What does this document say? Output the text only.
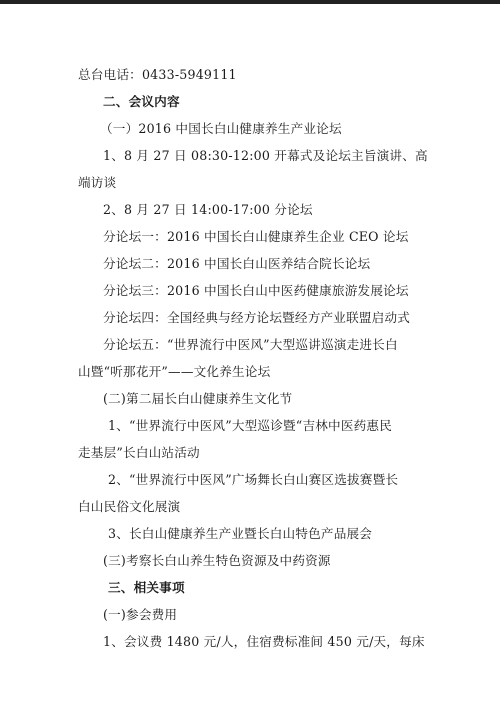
总台电话：0433-5949111
二、会议内容
（一）2016 中国长白山健康养生产业论坛
1、8 月 27 日 08:30-12:00 开幕式及论坛主旨演讲、高
端访谈
2、8 月 27 日 14:00-17:00 分论坛
分论坛一：2016 中国长白山健康养生企业 CEO 论坛
分论坛二：2016 中国长白山医养结合院长论坛
分论坛三：2016 中国长白山中医药健康旅游发展论坛
分论坛四：全国经典与经方论坛暨经方产业联盟启动式
分论坛五：“世界流行中医风”大型巡讲巡演走进长白
山暨“听那花开”——文化养生论坛
(二)第二届长白山健康养生文化节
1、“世界流行中医风”大型巡诊暨“吉林中医药惠民
走基层”长白山站活动
2、“世界流行中医风”广场舞长白山赛区选拔赛暨长
白山民俗文化展演
3、长白山健康养生产业暨长白山特色产品展会
(三)考察长白山养生特色资源及中药资源
三、相关事项
(一)参会费用
1、会议费 1480 元/人，住宿费标准间 450 元/天，每床
